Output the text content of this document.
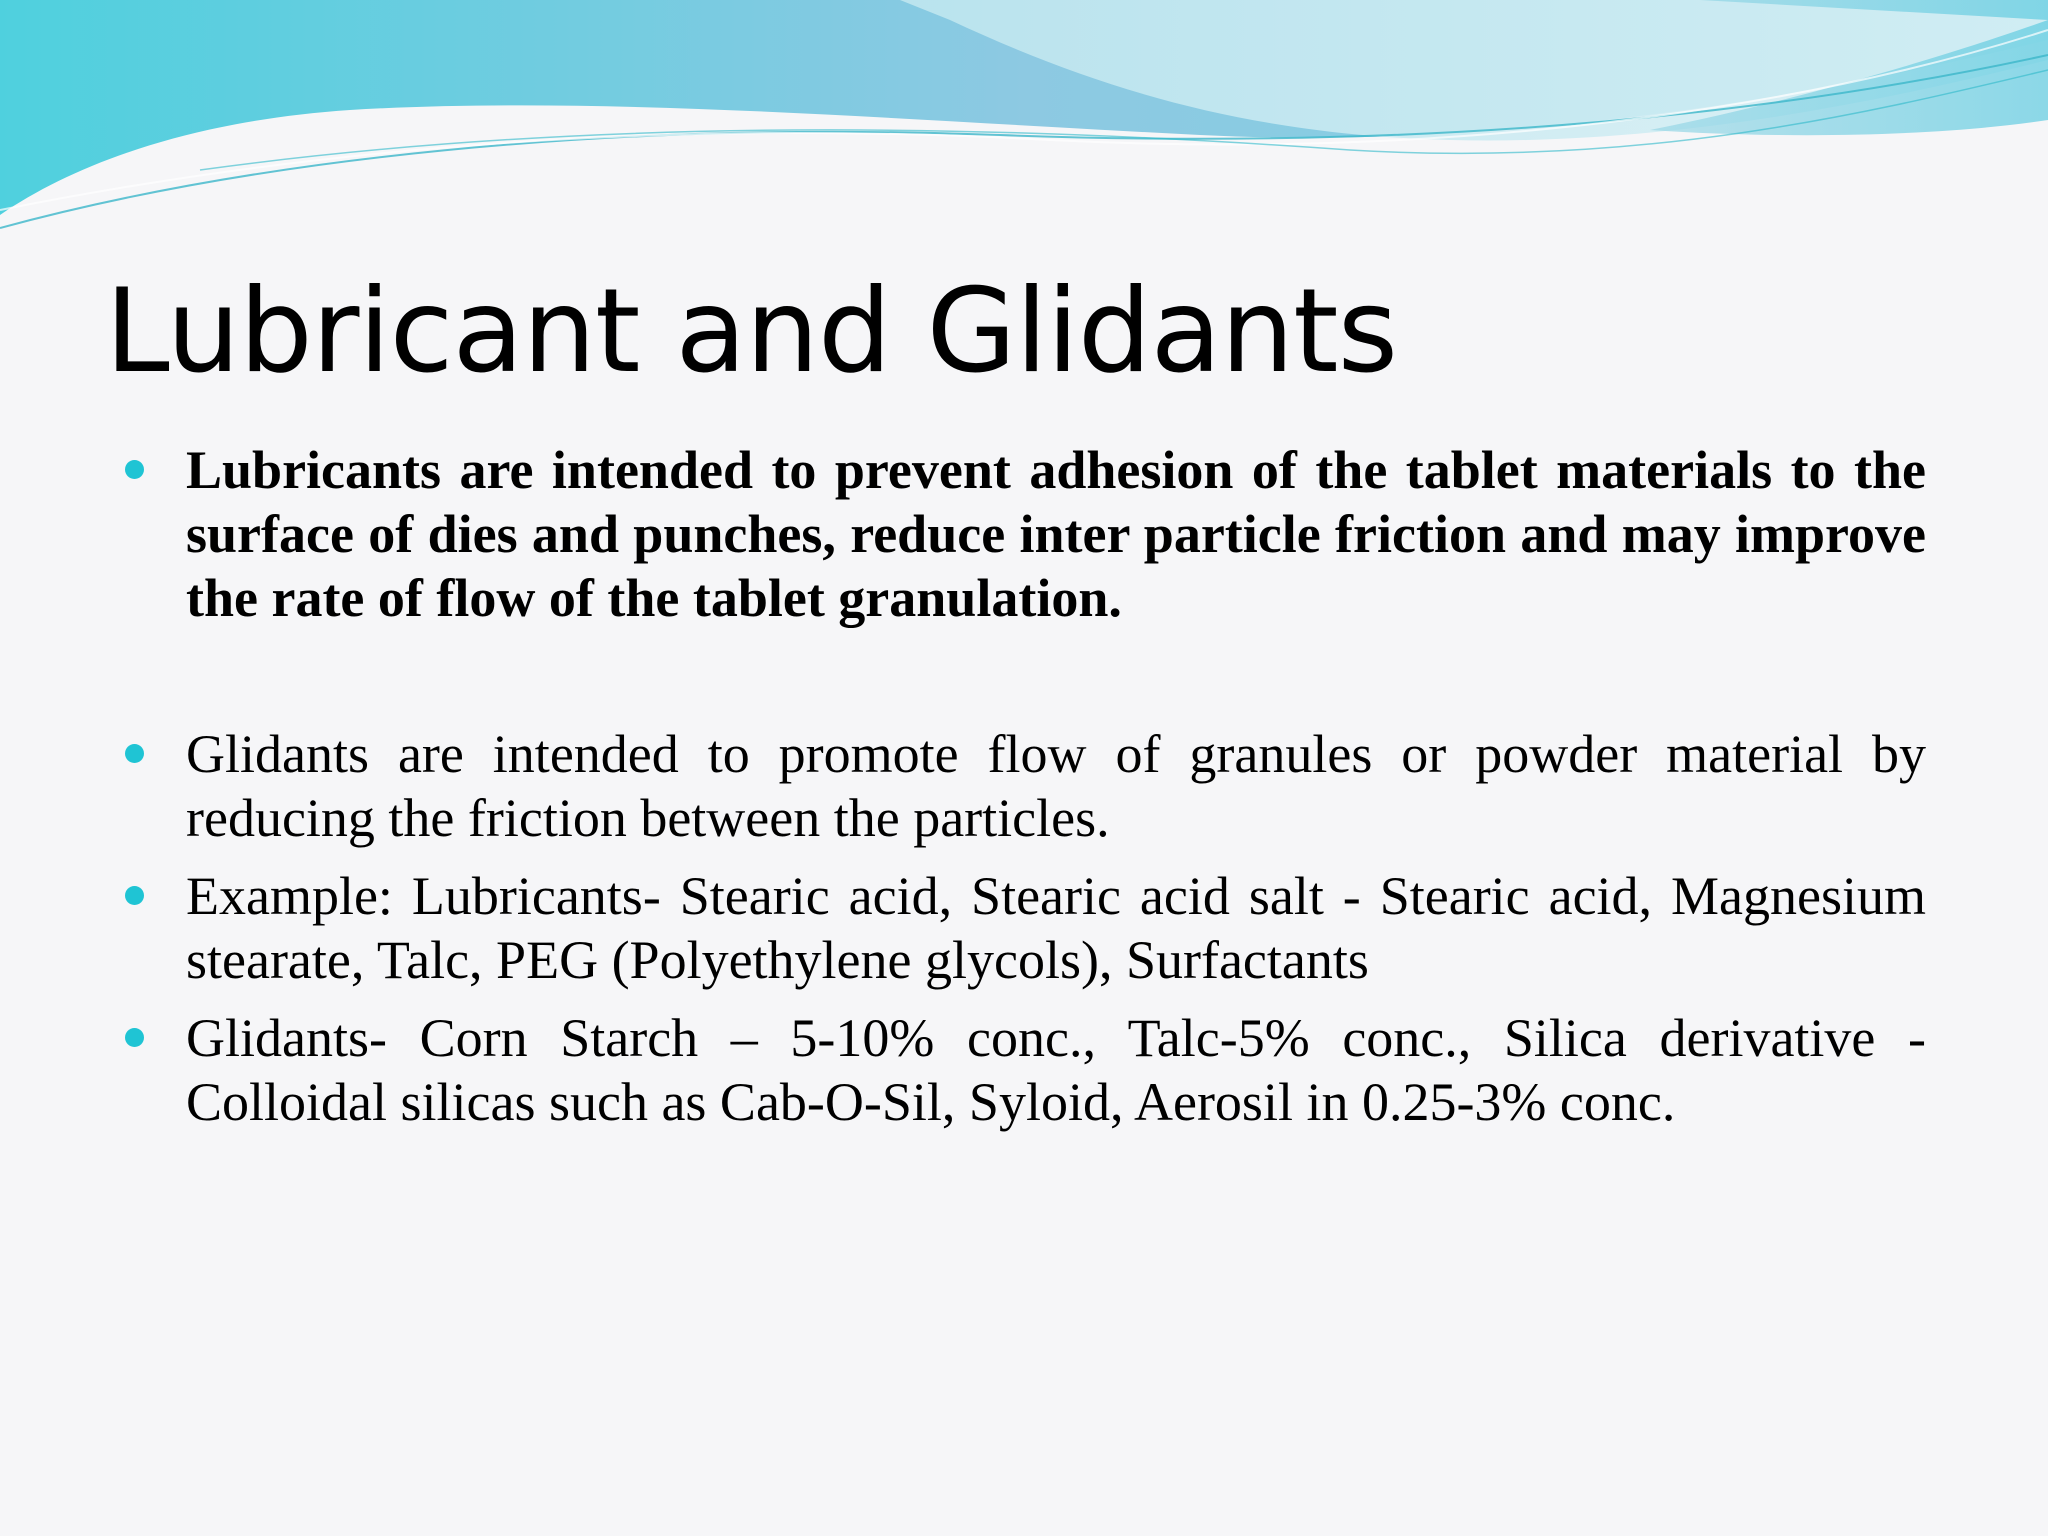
Lubricant and Glidants
Lubricants are intended to prevent adhesion of the tablet materials to the surface of dies and punches, reduce inter particle friction and may improve the rate of flow of the tablet granulation.
Glidants are intended to promote flow of granules or powder material by reducing the friction between the particles.
Example: Lubricants- Stearic acid, Stearic acid salt - Stearic acid, Magnesium stearate, Talc, PEG (Polyethylene glycols), Surfactants
Glidants- Corn Starch – 5-10% conc., Talc-5% conc., Silica derivative - Colloidal silicas such as Cab-O-Sil, Syloid, Aerosil in 0.25-3% conc.
